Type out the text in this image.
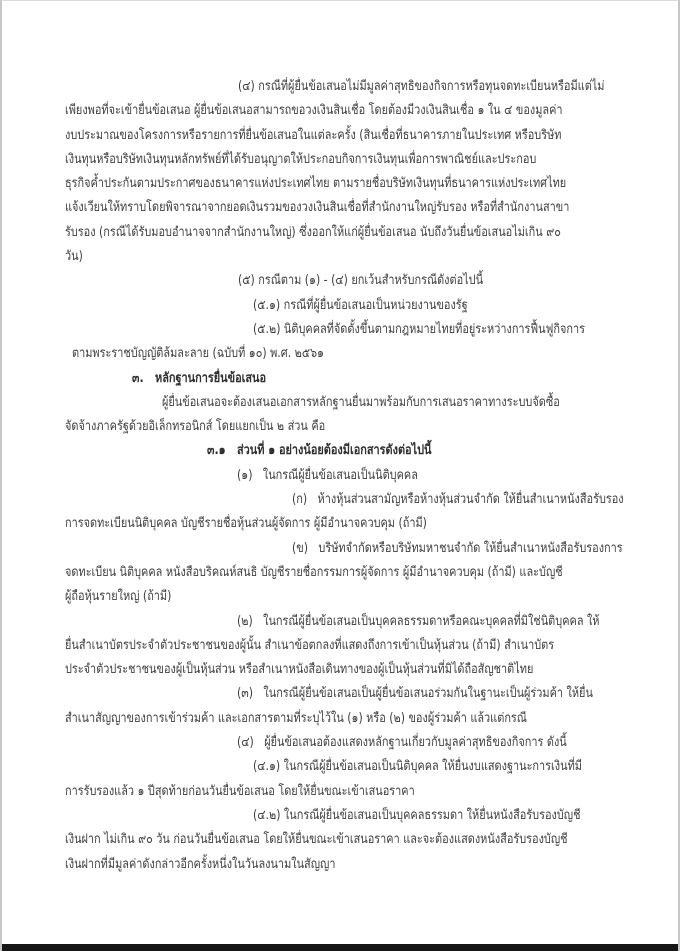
(๔) กรณีที่ผู้ยื่นข้อเสนอไม่มีมูลค่าสุทธิของกิจการหรือทุนจดทะเบียนหรือมีแต่ไม่
เพียงพอที่จะเข้ายื่นข้อเสนอ ผู้ยื่นข้อเสนอสามารถขอวงเงินสินเชื่อ โดยต้องมีวงเงินสินเชื่อ ๑ ใน ๔ ของมูลค่า
งบประมาณของโครงการหรือรายการที่ยื่นข้อเสนอในแต่ละครั้ง (สินเชื่อที่ธนาคารภายในประเทศ หรือบริษัท
เงินทุนหรือบริษัทเงินทุนหลักทรัพย์ที่ได้รับอนุญาตให้ประกอบกิจการเงินทุนเพื่อการพาณิชย์และประกอบ
ธุรกิจค้ำประกันตามประกาศของธนาคารแห่งประเทศไทย ตามรายชื่อบริษัทเงินทุนที่ธนาคารแห่งประเทศไทย
แจ้งเวียนให้ทราบโดยพิจารณาจากยอดเงินรวมของวงเงินสินเชื่อที่สำนักงานใหญ่รับรอง หรือที่สำนักงานสาขา
รับรอง (กรณีได้รับมอบอำนาจจากสำนักงานใหญ่) ซึ่งออกให้แก่ผู้ยื่นข้อเสนอ นับถึงวันยื่นข้อเสนอไม่เกิน ๙๐
วัน)
(๕) กรณีตาม (๑) - (๔) ยกเว้นสำหรับกรณีดังต่อไปนี้
(๕.๑) กรณีที่ผู้ยื่นข้อเสนอเป็นหน่วยงานของรัฐ
(๕.๒) นิติบุคคลที่จัดตั้งขึ้นตามกฎหมายไทยที่อยู่ระหว่างการฟื้นฟูกิจการ
ตามพระราชบัญญัติล้มละลาย (ฉบับที่ ๑๐) พ.ศ. ๒๕๖๑
๓.   หลักฐานการยื่นข้อเสนอ
ผู้ยื่นข้อเสนอจะต้องเสนอเอกสารหลักฐานยื่นมาพร้อมกับการเสนอราคาทางระบบจัดซื้อ
จัดจ้างภาครัฐด้วยอิเล็กทรอนิกส์ โดยแยกเป็น ๒ ส่วน คือ
๓.๑   ส่วนที่ ๑ อย่างน้อยต้องมีเอกสารดังต่อไปนี้
(๑)   ในกรณีผู้ยื่นข้อเสนอเป็นนิติบุคคล
(ก)   ห้างหุ้นส่วนสามัญหรือห้างหุ้นส่วนจำกัด ให้ยื่นสำเนาหนังสือรับรอง
การจดทะเบียนนิติบุคคล บัญชีรายชื่อหุ้นส่วนผู้จัดการ ผู้มีอำนาจควบคุม (ถ้ามี)
(ข)   บริษัทจำกัดหรือบริษัทมหาชนจำกัด ให้ยื่นสำเนาหนังสือรับรองการ
จดทะเบียน นิติบุคคล หนังสือบริคณห์สนธิ บัญชีรายชื่อกรรมการผู้จัดการ ผู้มีอำนาจควบคุม (ถ้ามี) และบัญชี
ผู้ถือหุ้นรายใหญ่ (ถ้ามี)
(๒)   ในกรณีผู้ยื่นข้อเสนอเป็นบุคคลธรรมดาหรือคณะบุคคลที่มิใช่นิติบุคคล ให้
ยื่นสำเนาบัตรประจำตัวประชาชนของผู้นั้น สำเนาข้อตกลงที่แสดงถึงการเข้าเป็นหุ้นส่วน (ถ้ามี) สำเนาบัตร
ประจำตัวประชาชนของผู้เป็นหุ้นส่วน หรือสำเนาหนังสือเดินทางของผู้เป็นหุ้นส่วนที่มิได้ถือสัญชาติไทย
(๓)   ในกรณีผู้ยื่นข้อเสนอเป็นผู้ยื่นข้อเสนอร่วมกันในฐานะเป็นผู้ร่วมค้า ให้ยื่น
สำเนาสัญญาของการเข้าร่วมค้า และเอกสารตามที่ระบุไว้ใน (๑) หรือ (๒) ของผู้ร่วมค้า แล้วแต่กรณี
(๔)   ผู้ยื่นข้อเสนอต้องแสดงหลักฐานเกี่ยวกับมูลค่าสุทธิของกิจการ ดังนี้
(๔.๑) ในกรณีผู้ยื่นข้อเสนอเป็นนิติบุคคล ให้ยื่นงบแสดงฐานะการเงินที่มี
การรับรองแล้ว ๑ ปีสุดท้ายก่อนวันยื่นข้อเสนอ โดยให้ยื่นขณะเข้าเสนอราคา
(๔.๒) ในกรณีผู้ยื่นข้อเสนอเป็นบุคคลธรรมดา ให้ยื่นหนังสือรับรองบัญชี
เงินฝาก ไม่เกิน ๙๐ วัน ก่อนวันยื่นข้อเสนอ โดยให้ยื่นขณะเข้าเสนอราคา และจะต้องแสดงหนังสือรับรองบัญชี
เงินฝากที่มีมูลค่าดังกล่าวอีกครั้งหนึ่งในวันลงนามในสัญญา
